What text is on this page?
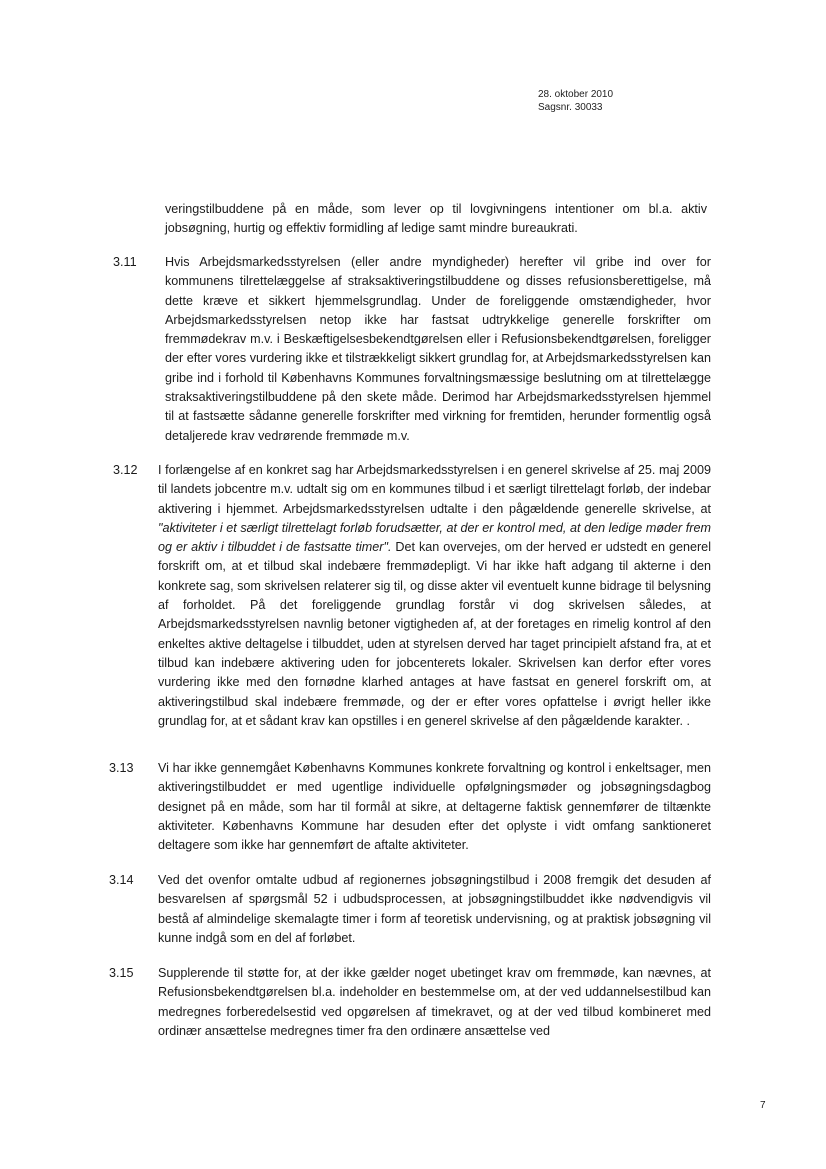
28. oktober 2010
Sagsnr. 30033
veringstilbuddene på en måde, som lever op til lovgivningens intentioner om bl.a. aktiv jobsøgning, hurtig og effektiv formidling af ledige samt mindre bureaukrati.
3.11 Hvis Arbejdsmarkedsstyrelsen (eller andre myndigheder) herefter vil gribe ind over for kommunens tilrettelæggelse af straksaktiveringstilbuddene og disses refusionsberettigelse, må dette kræve et sikkert hjemmelsgrundlag. Under de foreliggende omstændigheder, hvor Arbejdsmarkedsstyrelsen netop ikke har fastsat udtrykkelige generelle forskrifter om fremmødekrav m.v. i Beskæftigelsesbekendtgørelsen eller i Refusionsbekendtgørelsen, foreligger der efter vores vurdering ikke et tilstrækkeligt sikkert grundlag for, at Arbejdsmarkedsstyrelsen kan gribe ind i forhold til Københavns Kommunes forvaltningsmæssige beslutning om at tilrettelægge straksaktiveringstilbuddene på den skete måde. Derimod har Arbejdsmarkedsstyrelsen hjemmel til at fastsætte sådanne generelle forskrifter med virkning for fremtiden, herunder formentlig også detaljerede krav vedrørende fremmøde m.v.
3.12 I forlængelse af en konkret sag har Arbejdsmarkedsstyrelsen i en generel skrivelse af 25. maj 2009 til landets jobcentre m.v. udtalt sig om en kommunes tilbud i et særligt tilrettelagt forløb, der indebar aktivering i hjemmet. Arbejdsmarkedsstyrelsen udtalte i den pågældende generelle skrivelse, at "aktiviteter i et særligt tilrettelagt forløb forudsætter, at der er kontrol med, at den ledige møder frem og er aktiv i tilbuddet i de fastsatte timer". Det kan overvejes, om der herved er udstedt en generel forskrift om, at et tilbud skal indebære fremmødepligt. Vi har ikke haft adgang til akterne i den konkrete sag, som skrivelsen relaterer sig til, og disse akter vil eventuelt kunne bidrage til belysning af forholdet. På det foreliggende grundlag forstår vi dog skrivelsen således, at Arbejdsmarkedsstyrelsen navnlig betoner vigtigheden af, at der foretages en rimelig kontrol af den enkeltes aktive deltagelse i tilbuddet, uden at styrelsen derved har taget principielt afstand fra, at et tilbud kan indebære aktivering uden for jobcenterets lokaler. Skrivelsen kan derfor efter vores vurdering ikke med den fornødne klarhed antages at have fastsat en generel forskrift om, at aktiveringstilbud skal indebære fremmøde, og der er efter vores opfattelse i øvrigt heller ikke grundlag for, at et sådant krav kan opstilles i en generel skrivelse af den pågældende karakter. .
3.13 Vi har ikke gennemgået Københavns Kommunes konkrete forvaltning og kontrol i enkeltsager, men aktiveringstilbuddet er med ugentlige individuelle opfølgningsmøder og jobsøgningsdagbog designet på en måde, som har til formål at sikre, at deltagerne faktisk gennemfører de tiltænkte aktiviteter. Københavns Kommune har desuden efter det oplyste i vidt omfang sanktioneret deltagere som ikke har gennemført de aftalte aktiviteter.
3.14 Ved det ovenfor omtalte udbud af regionernes jobsøgningstilbud i 2008 fremgik det desuden af besvarelsen af spørgsmål 52 i udbudsprocessen, at jobsøgningstilbuddet ikke nødvendigvis vil bestå af almindelige skemalagte timer i form af teoretisk undervisning, og at praktisk jobsøgning vil kunne indgå som en del af forløbet.
3.15 Supplerende til støtte for, at der ikke gælder noget ubetinget krav om fremmøde, kan nævnes, at Refusionsbekendtgørelsen bl.a. indeholder en bestemmelse om, at der ved uddannelsestilbud kan medregnes forberedelsestid ved opgørelsen af timekravet, og at der ved tilbud kombineret med ordinær ansættelse medregnes timer fra den ordinære ansættelse ved
7
